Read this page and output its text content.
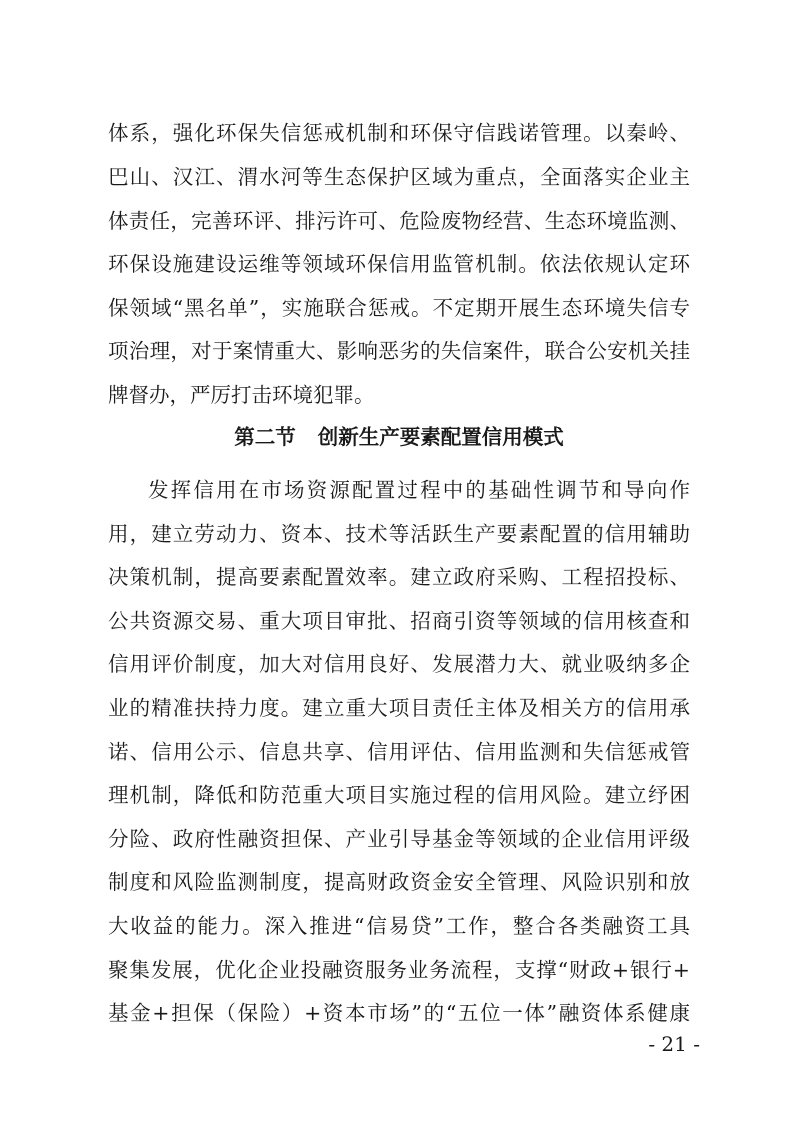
体系，强化环保失信惩戒机制和环保守信践诺管理。以秦岭、
巴山、汉江、渭水河等生态保护区域为重点，全面落实企业主
体责任，完善环评、排污许可、危险废物经营、生态环境监测、
环保设施建设运维等领域环保信用监管机制。依法依规认定环
保领域“黑名单”，实施联合惩戒。不定期开展生态环境失信专
项治理，对于案情重大、影响恶劣的失信案件，联合公安机关挂
牌督办，严厉打击环境犯罪。
第二节 创新生产要素配置信用模式
发挥信用在市场资源配置过程中的基础性调节和导向作
用，建立劳动力、资本、技术等活跃生产要素配置的信用辅助
决策机制，提高要素配置效率。建立政府采购、工程招投标、
公共资源交易、重大项目审批、招商引资等领域的信用核查和
信用评价制度，加大对信用良好、发展潜力大、就业吸纳多企
业的精准扶持力度。建立重大项目责任主体及相关方的信用承
诺、信用公示、信息共享、信用评估、信用监测和失信惩戒管
理机制，降低和防范重大项目实施过程的信用风险。建立纾困
分险、政府性融资担保、产业引导基金等领域的企业信用评级
制度和风险监测制度，提高财政资金安全管理、风险识别和放
大收益的能力。深入推进“信易贷”工作，整合各类融资工具
聚集发展，优化企业投融资服务业务流程，支撑“财政+银行+
基金+担保（保险）+资本市场”的“五位一体”融资体系健康
- 21 -
